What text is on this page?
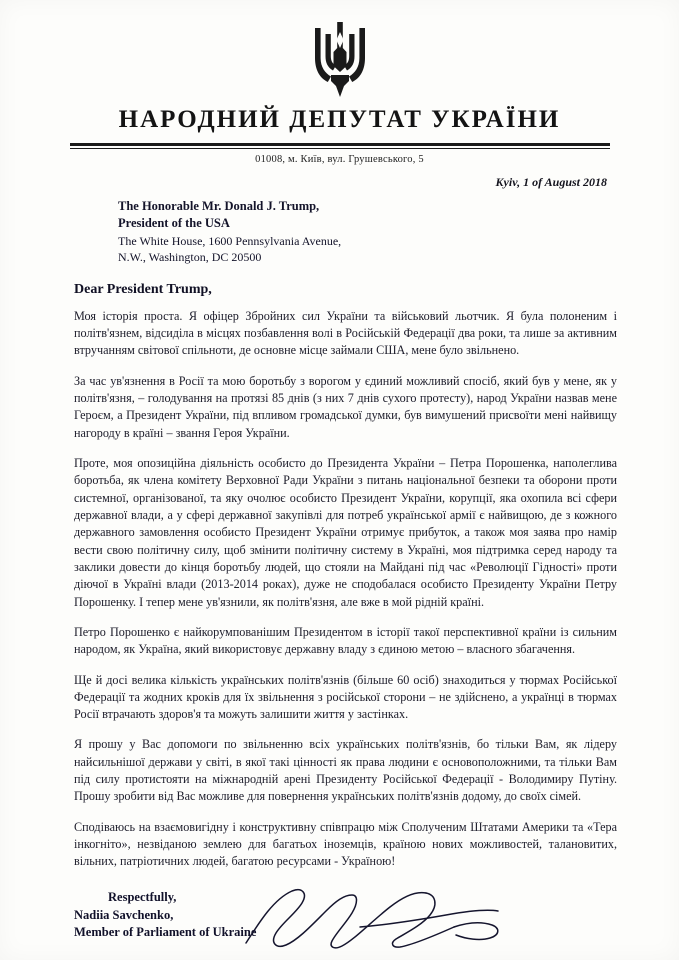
НАРОДНИЙ ДЕПУТАТ УКРАЇНИ
01008, м. Київ, вул. Грушевського, 5
Kyiv, 1 of August 2018
The Honorable Mr. Donald J. Trump,
President of the USA
The White House, 1600 Pennsylvania Avenue,
N.W., Washington, DC 20500
Dear President Trump,

Моя історія проста. Я офіцер Збройних сил України та військовий льотчик. Я була полоненим і політв'язнем, відсиділа в місцях позбавлення волі в Російській Федерації два роки, та лише за активним втручанням світової спільноти, де основне місце займали США, мене було звільнено.

За час ув'язнення в Росії та мою боротьбу з ворогом у єдиний можливий спосіб, який був у мене, як у політв'язня, – голодування на протязі 85 днів (з них 7 днів сухого протесту), народ України назвав мене Героєм, а Президент України, під впливом громадської думки, був вимушений присвоїти мені найвищу нагороду в країні – звання Героя України.

Проте, моя опозиційна діяльність особисто до Президента України – Петра Порошенка, наполеглива боротьба, як члена комітету Верховної Ради України з питань національної безпеки та оборони проти системної, організованої, та яку очолює особисто Президент України, корупції, яка охопила всі сфери державної влади, а у сфері державної закупівлі для потреб української армії є найвищою, де з кожного державного замовлення особисто Президент України отримує прибуток, а також моя заява про намір вести свою політичну силу, щоб змінити політичну систему в Україні, моя підтримка серед народу та заклики довести до кінця боротьбу людей, що стояли на Майдані під час «Революції Гідності» проти діючої в Україні влади (2013-2014 роках), дуже не сподобалася особисто Президенту України Петру Порошенку. І тепер мене ув'язнили, як політв'язня, але вже в мой рідній країні.

Петро Порошенко є найкорумпованішим Президентом в історії такої перспективної країни із сильним народом, як Україна, який використовує державну владу з єдиною метою – власного збагачення.

Ще й досі велика кількість українських політв'язнів (більше 60 осіб) знаходиться у тюрмах Російської Федерації та жодних кроків для їх звільнення з російської сторони – не здійснено, а українці в тюрмах Росії втрачають здоров'я та можуть залишити життя у застінках.

Я прошу у Вас допомоги по звільненню всіх українських політв'язнів, бо тільки Вам, як лідеру найсильнішої держави у світі, в якої такі цінності як права людини є основоположними, та тільки Вам під силу протистояти на міжнародній арені Президенту Російської Федерації - Володимиру Путіну. Прошу зробити від Вас можливе для повернення українських політв'язнів додому, до своїх сімей.

Сподіваюсь на взаємовигідну і конструктивну співпрацю між Сполученим Штатами Америки та «Тера інкогніто», незвіданою землею для багатьох іноземців, країною нових можливостей, талановитих, вільних, патріотичних людей, багатою ресурсами - Україною!

Respectfully,
Nadiia Savchenko,
Member of Parliament of Ukraine
